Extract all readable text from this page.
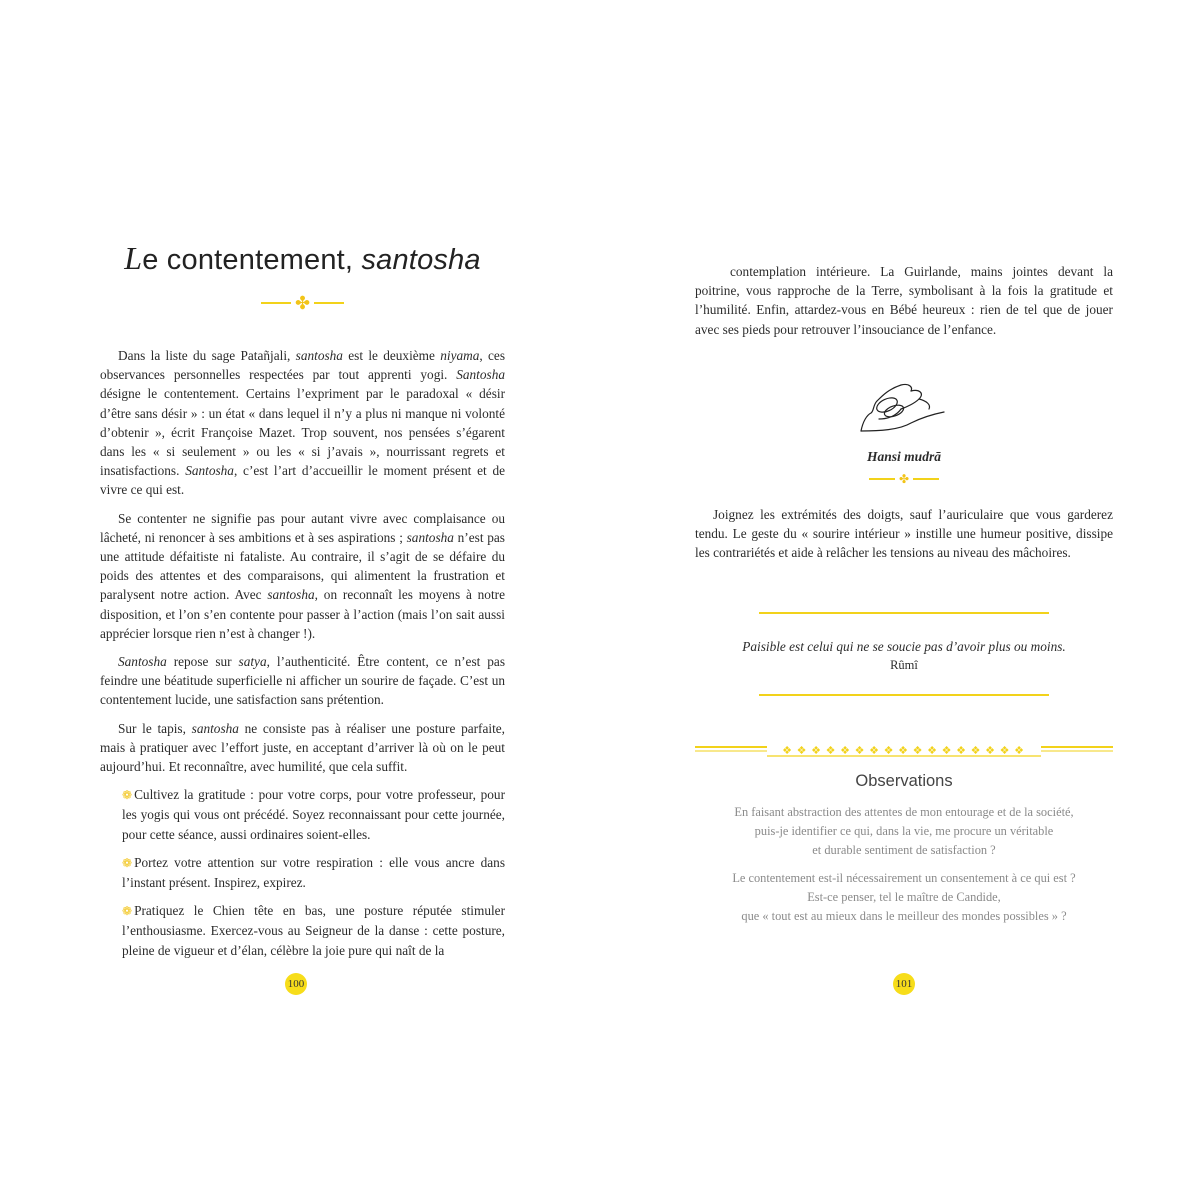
Le contentement, santosha
✤

Dans la liste du sage Patañjali, santosha est le deuxième niyama, ces observances personnelles respectées par tout apprenti yogi. Santosha désigne le contentement. Certains l’expriment par le paradoxal « désir d’être sans désir » : un état « dans lequel il n’y a plus ni manque ni volonté d’obtenir », écrit Françoise Mazet. Trop souvent, nos pensées s’égarent dans les « si seulement » ou les « si j’avais », nourrissant regrets et insatisfactions. Santosha, c’est l’art d’accueillir le moment présent et de vivre ce qui est.

Se contenter ne signifie pas pour autant vivre avec complaisance ou lâcheté, ni renoncer à ses ambitions et à ses aspirations ; santosha n’est pas une attitude défaitiste ni fataliste. Au contraire, il s’agit de se défaire du poids des attentes et des comparaisons, qui alimentent la frustration et paralysent notre action. Avec santosha, on reconnaît les moyens à notre disposition, et l’on s’en contente pour passer à l’action (mais l’on sait aussi apprécier lorsque rien n’est à changer !).

Santosha repose sur satya, l’authenticité. Être content, ce n’est pas feindre une béatitude superficielle ni afficher un sourire de façade. C’est un contentement lucide, une satisfaction sans prétention.

Sur le tapis, santosha ne consiste pas à réaliser une posture parfaite, mais à pratiquer avec l’effort juste, en acceptant d’arriver là où on le peut aujourd’hui. Et reconnaître, avec humilité, que cela suffit.

❁ Cultivez la gratitude : pour votre corps, pour votre professeur, pour les yogis qui vous ont précédé. Soyez reconnaissant pour cette journée, pour cette séance, aussi ordinaires soient-elles.

❁ Portez votre attention sur votre respiration : elle vous ancre dans l’instant présent. Inspirez, expirez.

❁ Pratiquez le Chien tête en bas, une posture réputée stimuler l’enthousiasme. Exercez-vous au Seigneur de la danse : cette posture, pleine de vigueur et d’élan, célèbre la joie pure qui naît de la

100

contemplation intérieure. La Guirlande, mains jointes devant la poitrine, vous rapproche de la Terre, symbolisant à la fois la gratitude et l’humilité. Enfin, attardez-vous en Bébé heureux : rien de tel que de jouer avec ses pieds pour retrouver l’insouciance de l’enfance.

Hansi mudrā
✤

Joignez les extrémités des doigts, sauf l’auriculaire que vous garderez tendu. Le geste du « sourire intérieur » instille une humeur positive, dissipe les contrariétés et aide à relâcher les tensions au niveau des mâchoires.

Paisible est celui qui ne se soucie pas d’avoir plus ou moins.
Rûmî
❖ ❖ ❖ ❖ ❖ ❖ ❖ ❖ ❖ ❖ ❖ ❖ ❖ ❖ ❖ ❖ ❖
Observations
En faisant abstraction des attentes de mon entourage et de la société,
puis-je identifier ce qui, dans la vie, me procure un véritable
et durable sentiment de satisfaction ?
Le contentement est-il nécessairement un consentement à ce qui est ?
Est-ce penser, tel le maître de Candide,
que « tout est au mieux dans le meilleur des mondes possibles » ?
101
